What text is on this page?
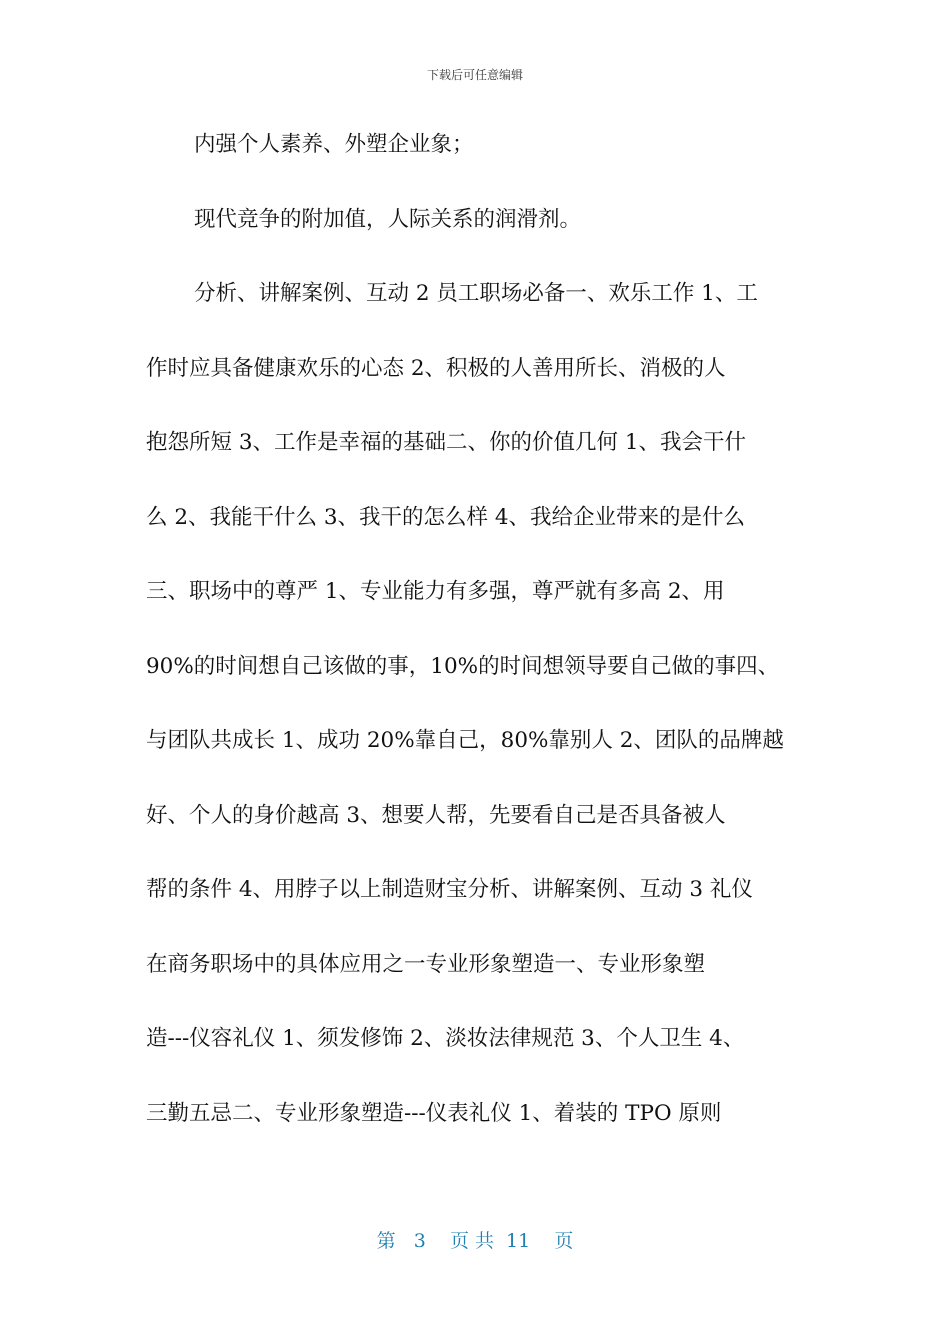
下载后可任意编辑
内强个人素养、外塑企业象；
现代竞争的附加值，人际关系的润滑剂。
分析、讲解案例、互动 2 员工职场必备一、欢乐工作 1、工
作时应具备健康欢乐的心态 2、积极的人善用所长、消极的人
抱怨所短 3、工作是幸福的基础二、你的价值几何 1、我会干什
么 2、我能干什么 3、我干的怎么样 4、我给企业带来的是什么
三、职场中的尊严 1、专业能力有多强，尊严就有多高 2、用
90%的时间想自己该做的事，10%的时间想领导要自己做的事四、
与团队共成长 1、成功 20%靠自己，80%靠别人 2、团队的品牌越
好、个人的身价越高 3、想要人帮，先要看自己是否具备被人
帮的条件 4、用脖子以上制造财宝分析、讲解案例、互动 3 礼仪
在商务职场中的具体应用之一专业形象塑造一、专业形象塑
造---仪容礼仪 1、须发修饰 2、淡妆法律规范 3、个人卫生 4、
三勤五忌二、专业形象塑造---仪表礼仪 1、着装的 TPO 原则
第   3    页 共  11    页
